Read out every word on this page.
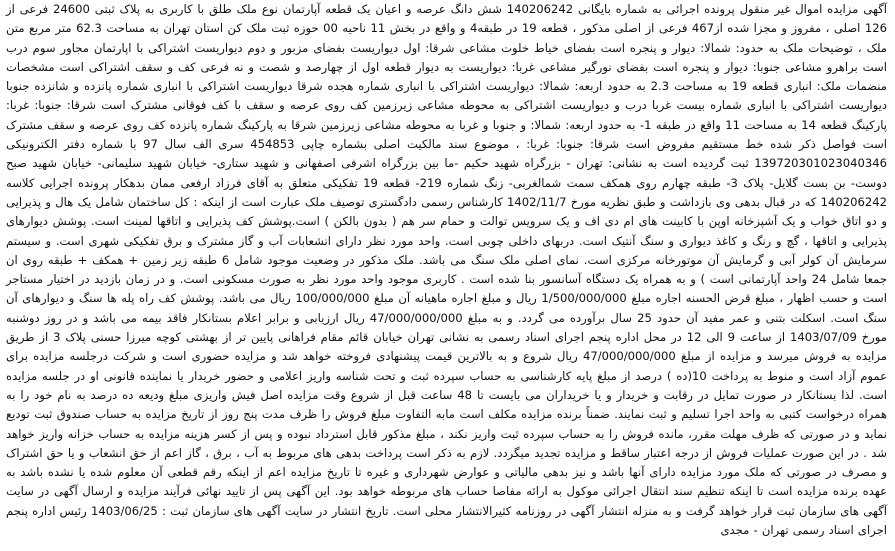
آگهی مزایده اموال غیر منقول پرونده اجرائی به شماره بایگانی 140206242 شش دانگ عرصه و اعیان یک قطعه آپارتمان نوع ملک طلق با کاربری به پلاک ثبتی 24600 فرعی از 126 اصلی ، مفروز و مجزا شده از467 فرعی از اصلی مذکور ، قطعه 19 در طبقه4 و واقع در بخش 11 ناحیه 00 حوزه ثبت ملک کن استان تهران به مساحت 62.3 متر مربع متن ملک ، توضیحات ملک به حدود: شمالا: دیوار و پنجره است بفضای خیاط خلوت مشاعی شرقا: اول دیواریست بفضای مزبور و دوم دیواریست اشتراکی با اپارتمان مجاور سوم درب است براهرو مشاعی جنوبا: دیوار و پنجره است بفضای نورگیر مشاعی غربا: دیواریست به دیوار قطعه اول از چهارصد و شصت و نه فرعی کف و سقف اشتراکی است مشخصات منضمات ملک: انباری قطعه 19 به مساحت 2.3 به حدود اربعه: شمالا: دیواریست اشتراکی با انباری شماره هجده شرقا دیواریست اشتراکی با انباری شماره پانزده و شانزده جنوبا دیواریست اشتراکی با انباری شماره بیست غربا درب و دیواریست اشتراکی به محوطه مشاعی زیرزمین کف روی عرصه و سقف با کف فوقانی مشترک است شرقا: جنوبا: غربا: پارکینگ قطعه 14 به مساحت 11 واقع در طبقه 1- به حدود اربعه: شمالا: و جنوبا و غربا به محوطه مشاعی زیرزمین شرقا به پارکینگ شماره پانزده کف روی عرصه و سقف مشترک است فواصل ذکر شده خط مستقیم مفروض است شرقا: جنوبا: غربا: ، موضوع سند مالکیت اصلی بشماره چاپی 454853 سری الف سال 97 با شماره دفتر الکترونیکی 139720301023040346 ثبت گردیده است به نشانی: تهران - بزرگراه شهید حکیم -ما بین بزرگراه اشرفی اصفهانی و شهید ستاری- خیابان شهید سلیمانی- خیابان شهید صبح دوست- بن بست گلایل- پلاک 3- طبقه چهارم روی همکف سمت شمالغربی- زنگ شماره 219- قطعه 19 تفکیکی متعلق به آقای فرزاد ارفعی ممان بدهکار پرونده اجرایی کلاسه 140206242 که در قبال بدهی وی بازداشت و طبق نظریه مورخ 1402/11/7 کارشناس رسمی دادگستری توصیف ملک عبارت است از اینکه : کل ساختمان شامل یک هال و پذیرایی و دو اتاق خواب و یک آشپزخانه اوپن با کابینت های ام دی اف و یک سرویس توالت و حمام سر هم ( بدون بالکن ) است.پوشش کف پذیرایی و اتاقها لمینت است. پوشش دیوارهای پذیرایی و اتاقها ، گچ و رنگ و کاغذ دیواری و سنگ آنتیک است. دربهای داخلی چوبی است. واحد مورد نظر دارای انشعابات آب و گاز مشترک و برق تفکیکی شهری است. و سیستم سرمایش آن کولر آبی و گرمایش آن موتورخانه مرکزی است. نمای اصلی ملک سنگ می باشد. ملک مذکور در وضعیت موجود شامل 6 طبقه زیر زمین + همکف + طبقه روی ان جمعا شامل 24 واحد آپارتمانی است ) و به همراه یک دستگاه آسانسور بنا شده است . کاربری موجود واحد مورد نظر به صورت مسکونی است. و در زمان بازدید در اختیار مستاجر است و حسب اظهار ، مبلغ قرض الحسنه اجاره مبلغ 1/500/000/000 ریال و مبلغ اجاره ماهیانه آن مبلغ 100/000/000 ریال می باشد. پوشش کف راه پله ها سنگ و دیوارهای آن سنگ است. اسکلت بتنی و عمر مفید آن حدود 25 سال برآورده می گردد. و به مبلغ 47/000/000/000 ریال ارزیابی و برابر اعلام بستانکار فاقد بیمه می باشد و در روز دوشنبه مورخ 1403/07/09 از ساعت 9 الی 12 در محل اداره پنجم اجرای اسناد رسمی به نشانی تهران خیابان قائم مقام فراهانی پایین تر از بهشتی کوچه میرزا حسنی پلاک 3 از طریق مزایده به فروش میرسد و مزایده از مبلغ 47/000/000/000 ریال شروع و به بالاترین قیمت پیشنهادی فروخته خواهد شد و مزایده حضوری است و شرکت درجلسه مزایده برای عموم آزاد است و منوط به پرداخت 10(ده ) درصد از مبلغ پایه کارشناسی به حساب سپرده ثبت و تحت شناسه واریز اعلامی و حضور خریدار یا نماینده قانونی او در جلسه مزایده است. لذا بستانکار در صورت تمایل در رقابت و خریدار و یا خریداران می بایست تا 48 ساعت قبل از شروع وقت مزایده اصل فیش واریزی مبلغ ودیعه ده درصد به نام خود را به همراه درخواست کتبی به واحد اجرا تسلیم و ثبت نمایند. ضمناً برنده مزایده مکلف است مابه التفاوت مبلغ فروش را ظرف مدت پنج روز از تاریخ مزایده به حساب صندوق ثبت تودیع نماید و در صورتی که ظرف مهلت مقرر، مانده فروش را به حساب سپرده ثبت واریز نکند ، مبلغ مذکور قابل استرداد نبوده و پس از کسر هزینه مزایده به حساب خزانه واریز خواهد شد . در این صورت عملیات فروش از درجه اعتبار ساقط و مزایده تجدید میگردد. لازم به ذکر است پرداخت بدهی های مربوط به آب ، برق ، گاز اعم از حق انشعاب و یا حق اشتراک و مصرف در صورتی که ملک مورد مزایده دارای آنها باشد و نیز بدهی مالیاتی و عوارض شهرداری و غیره تا تاریخ مزایده اعم از اینکه رقم قطعی آن معلوم شده یا نشده باشد به عهده برنده مزایده است تا اینکه تنظیم سند انتقال اجرائی موکول به ارائه مفاصا حساب های مربوطه خواهد بود. این آگهی پس از تایید نهائی فرآیند مزایده و ارسال آگهی در سایت آگهی های سازمان ثبت قرار خواهد گرفت و به منزله انتشار آگهی در روزنامه کثیرالانتشار محلی است. تاریخ انتشار در سایت آگهی های سازمان ثبت : 1403/06/25 رئیس اداره پنجم اجرای اسناد رسمی تهران - مجدی
